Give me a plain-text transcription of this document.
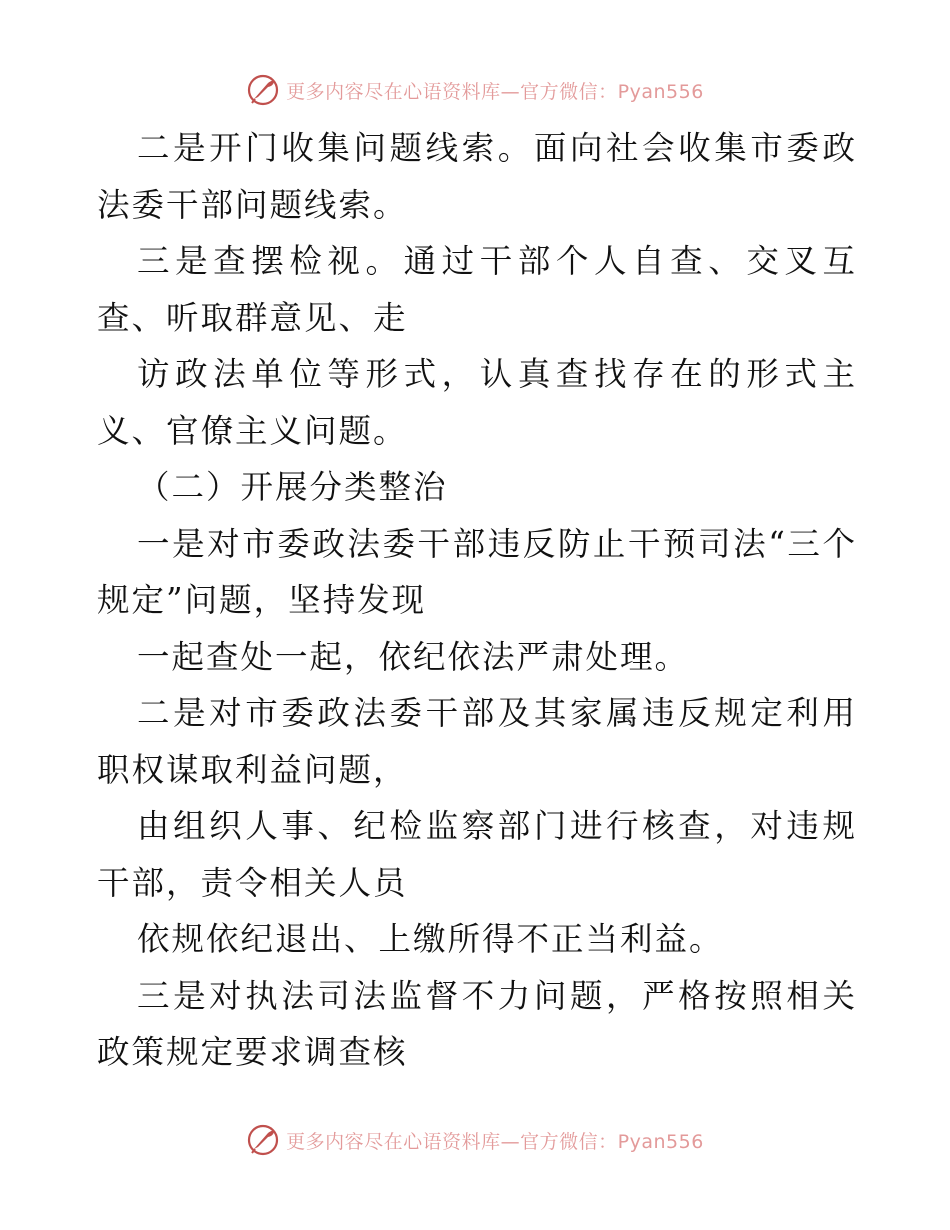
更多内容尽在心语资料库—官方微信：Pyan556

二是开门收集问题线索。面向社会收集市委政法委干部问题线索。

三是查摆检视。通过干部个人自查、交叉互查、听取群意见、走

访政法单位等形式，认真查找存在的形式主义、官僚主义问题。

（二）开展分类整治

一是对市委政法委干部违反防止干预司法“三个规定”问题，坚持发现

一起查处一起，依纪依法严肃处理。

二是对市委政法委干部及其家属违反规定利用职权谋取利益问题，

由组织人事、纪检监察部门进行核查，对违规干部，责令相关人员

依规依纪退出、上缴所得不正当利益。

三是对执法司法监督不力问题，严格按照相关政策规定要求调查核

更多内容尽在心语资料库—官方微信：Pyan556
